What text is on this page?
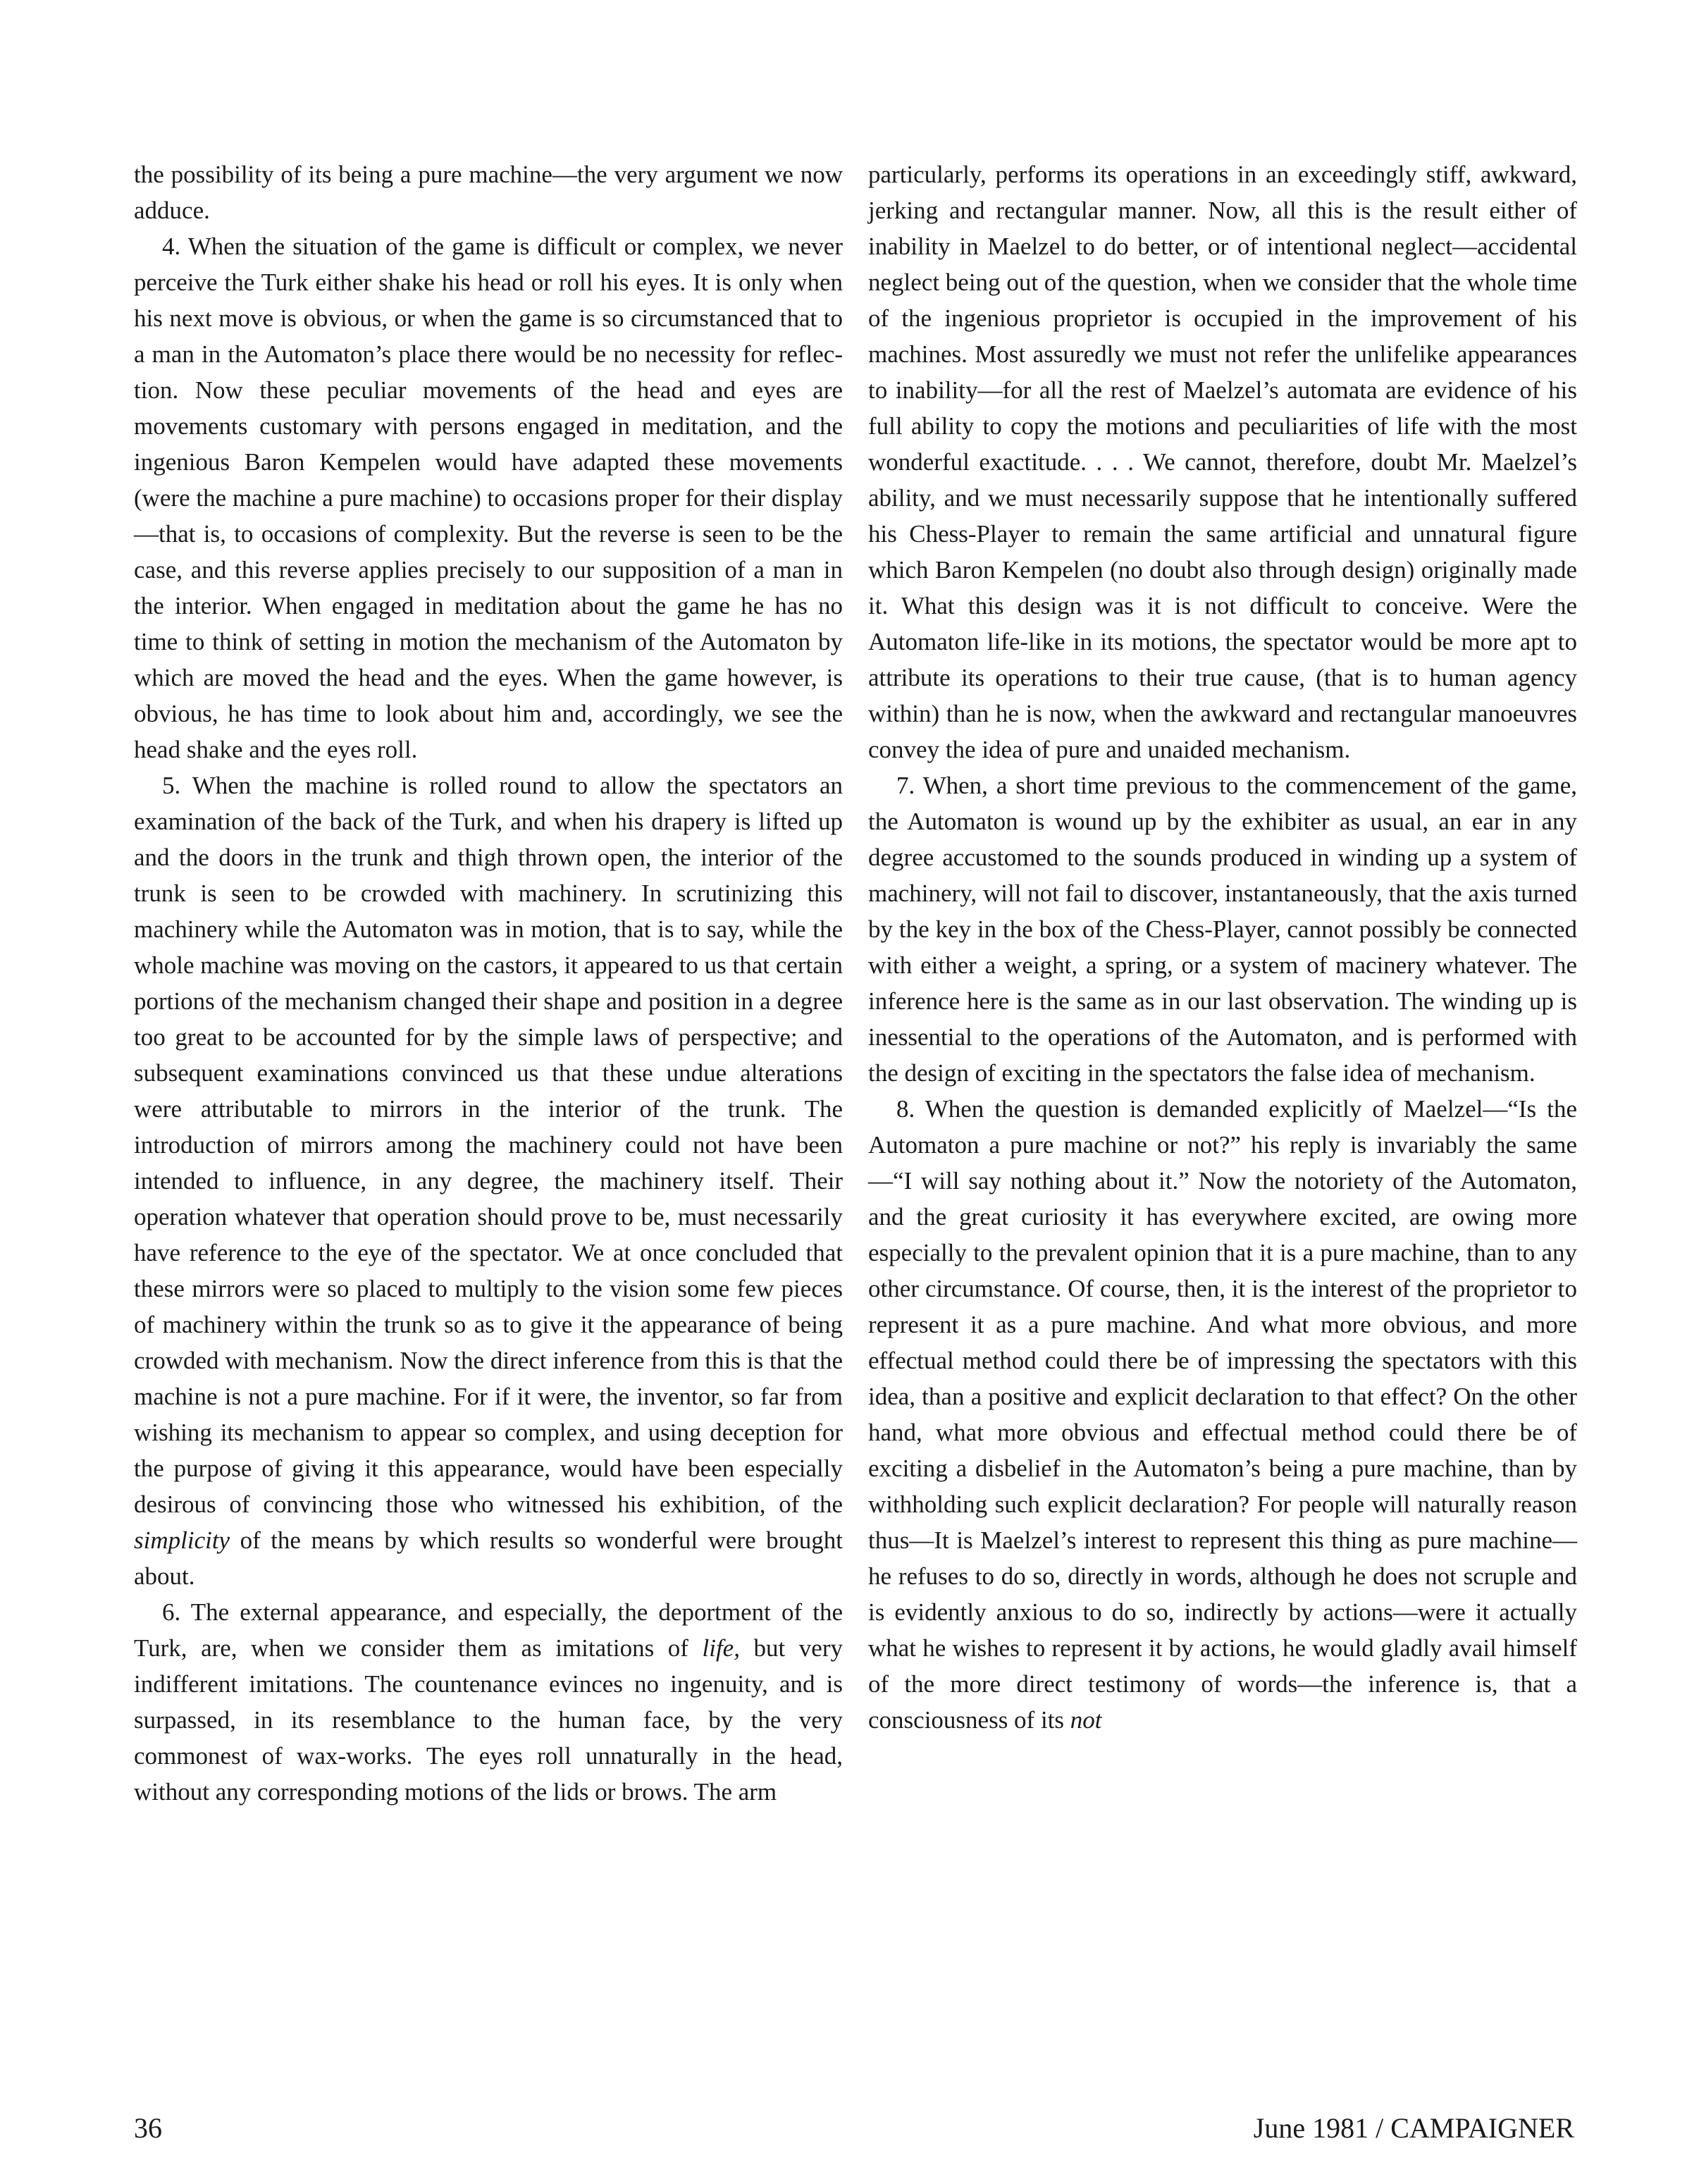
the possibility of its being a pure machine—the very argument we now adduce.

4. When the situation of the game is difficult or complex, we never perceive the Turk either shake his head or roll his eyes. It is only when his next move is obvious, or when the game is so circumstanced that to a man in the Automaton’s place there would be no necessity for reflection. Now these peculiar movements of the head and eyes are movements customary with persons engaged in meditation, and the ingenious Baron Kempelen would have adapted these movements (were the machine a pure machine) to occasions proper for their display—that is, to occasions of complexity. But the reverse is seen to be the case, and this reverse applies precisely to our supposition of a man in the interior. When engaged in meditation about the game he has no time to think of setting in motion the mechanism of the Automaton by which are moved the head and the eyes. When the game however, is obvious, he has time to look about him and, accordingly, we see the head shake and the eyes roll.

5. When the machine is rolled round to allow the spectators an examination of the back of the Turk, and when his drapery is lifted up and the doors in the trunk and thigh thrown open, the interior of the trunk is seen to be crowded with machinery. In scrutinizing this machinery while the Automaton was in motion, that is to say, while the whole machine was moving on the castors, it appeared to us that certain portions of the mechanism changed their shape and position in a degree too great to be accounted for by the simple laws of perspective; and subsequent examinations convinced us that these undue alterations were attributable to mirrors in the interior of the trunk. The introduction of mirrors among the machinery could not have been intended to influence, in any degree, the machinery itself. Their operation whatever that operation should prove to be, must necessarily have reference to the eye of the spectator. We at once concluded that these mirrors were so placed to multiply to the vision some few pieces of machinery within the trunk so as to give it the appearance of being crowded with mechanism. Now the direct inference from this is that the machine is not a pure machine. For if it were, the inventor, so far from wishing its mechanism to appear so complex, and using deception for the purpose of giving it this appearance, would have been especially desirous of convincing those who witnessed his exhibition, of the simplicity of the means by which results so wonderful were brought about.

6. The external appearance, and especially, the deportment of the Turk, are, when we consider them as imitations of life, but very indifferent imitations. The countenance evinces no ingenuity, and is surpassed, in its resemblance to the human face, by the very commonest of wax-works. The eyes roll unnaturally in the head, without any corresponding motions of the lids or brows. The arm

particularly, performs its operations in an exceedingly stiff, awkward, jerking and rectangular manner. Now, all this is the result either of inability in Maelzel to do better, or of intentional neglect—accidental neglect being out of the question, when we consider that the whole time of the ingenious proprietor is occupied in the improvement of his machines. Most assuredly we must not refer the unlifelike appearances to inability—for all the rest of Maelzel’s automata are evidence of his full ability to copy the motions and peculiarities of life with the most wonderful exactitude. . . . We cannot, therefore, doubt Mr. Maelzel’s ability, and we must necessarily suppose that he intentionally suffered his Chess-Player to remain the same artificial and unnatural figure which Baron Kempelen (no doubt also through design) originally made it. What this design was it is not difficult to conceive. Were the Automaton life-like in its motions, the spectator would be more apt to attribute its operations to their true cause, (that is to human agency within) than he is now, when the awkward and rectangular manoeuvres convey the idea of pure and unaided mechanism.

7. When, a short time previous to the commencement of the game, the Automaton is wound up by the exhibiter as usual, an ear in any degree accustomed to the sounds produced in winding up a system of machinery, will not fail to discover, instantaneously, that the axis turned by the key in the box of the Chess-Player, cannot possibly be connected with either a weight, a spring, or a system of macinery whatever. The inference here is the same as in our last observation. The winding up is inessential to the operations of the Automaton, and is performed with the design of exciting in the spectators the false idea of mechanism.

8. When the question is demanded explicitly of Maelzel—“Is the Automaton a pure machine or not?” his reply is invariably the same—“I will say nothing about it.” Now the notoriety of the Automaton, and the great curiosity it has everywhere excited, are owing more especially to the prevalent opinion that it is a pure machine, than to any other circumstance. Of course, then, it is the interest of the proprietor to represent it as a pure machine. And what more obvious, and more effectual method could there be of impressing the spectators with this idea, than a positive and explicit declaration to that effect? On the other hand, what more obvious and effectual method could there be of exciting a disbelief in the Automaton’s being a pure machine, than by withholding such explicit declaration? For people will naturally reason thus—It is Maelzel’s interest to represent this thing as pure machine—he refuses to do so, directly in words, although he does not scruple and is evidently anxious to do so, indirectly by actions—were it actually what he wishes to represent it by actions, he would gladly avail himself of the more direct testimony of words—the inference is, that a consciousness of its not

36	June 1981 / CAMPAIGNER
